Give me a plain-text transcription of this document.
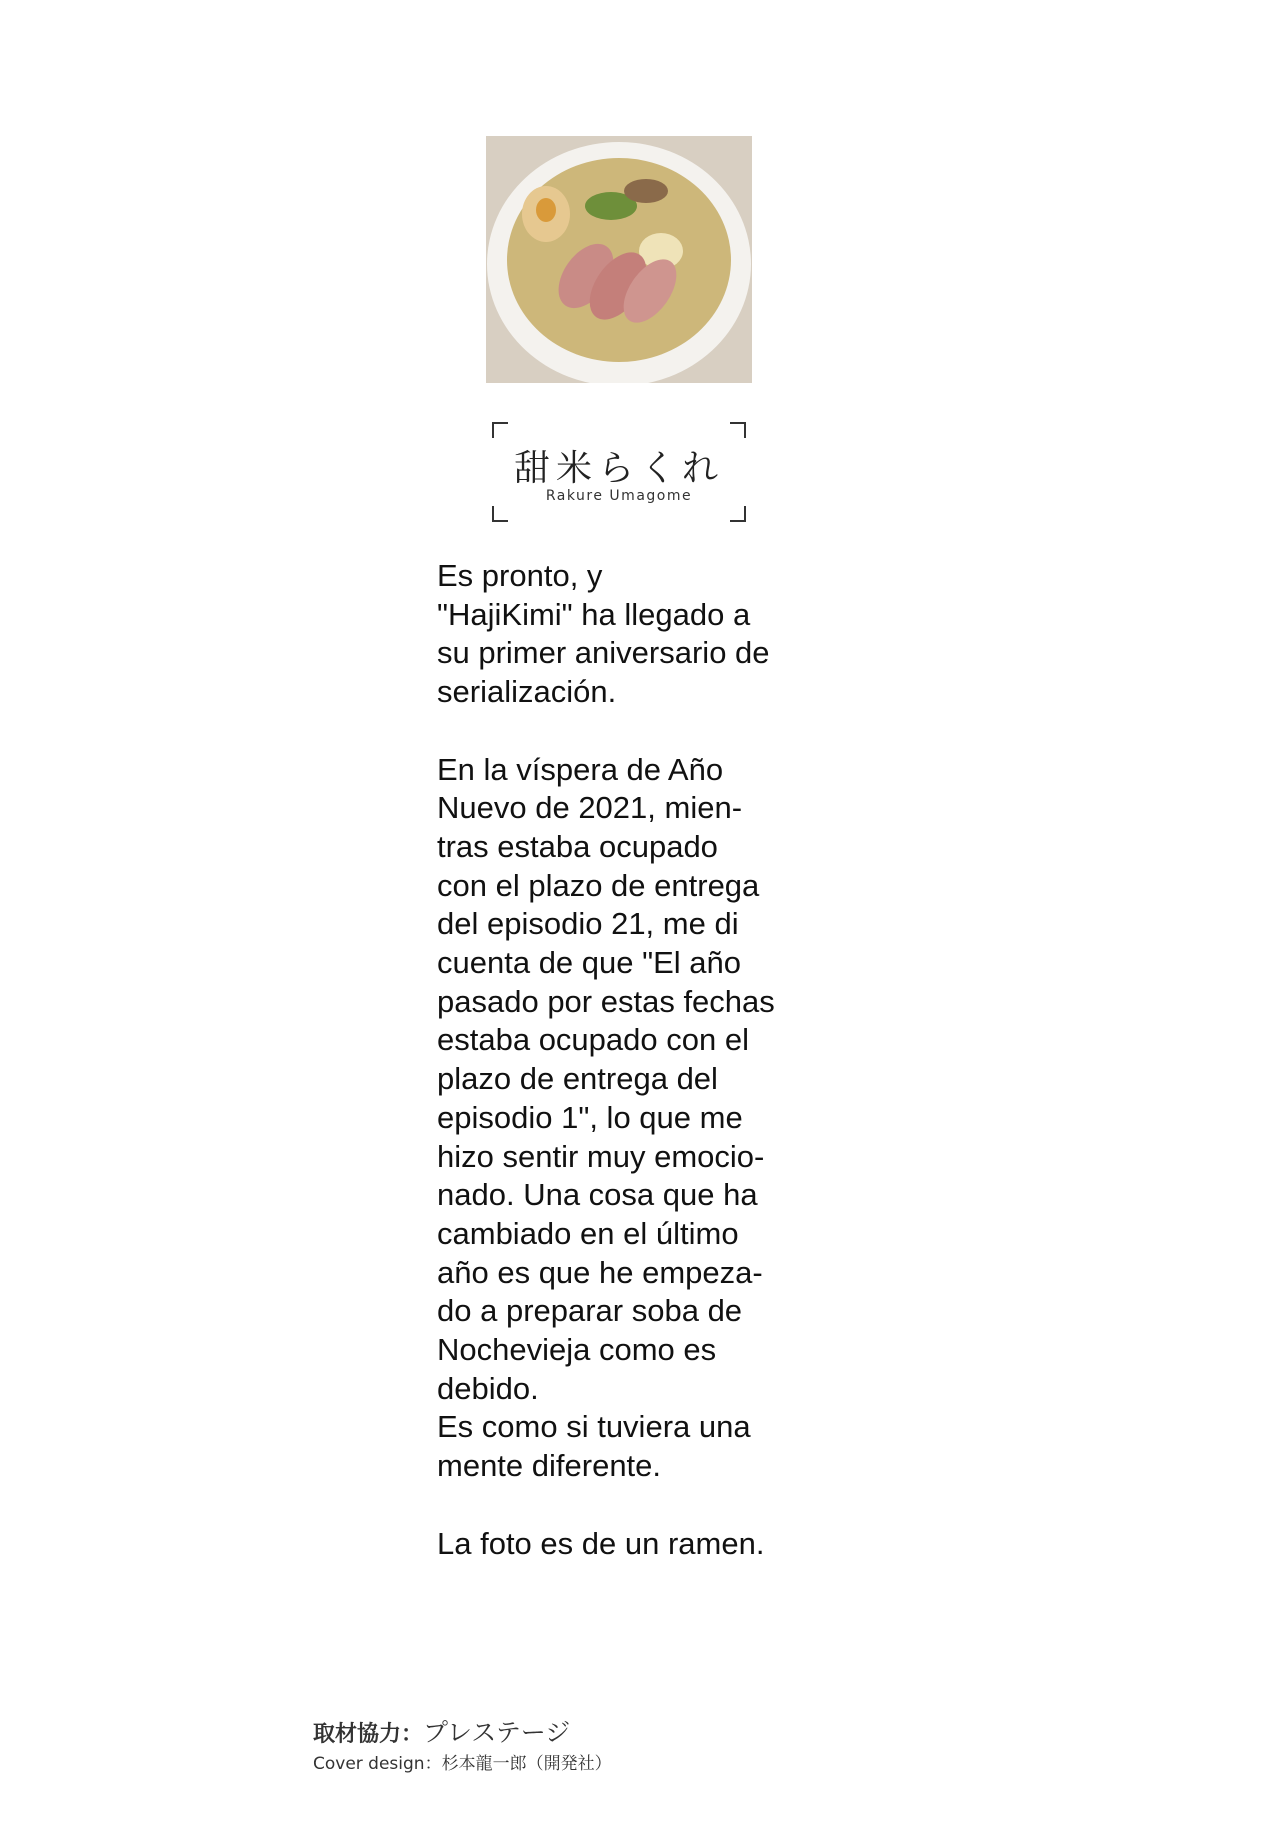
甜米らくれ
Rakure Umagome

Es pronto, y
"HajiKimi" ha llegado a
su primer aniversario de
serialización.

En la víspera de Año
Nuevo de 2021, mien-
tras estaba ocupado
con el plazo de entrega
del episodio 21, me di
cuenta de que "El año
pasado por estas fechas
estaba ocupado con el
plazo de entrega del
episodio 1", lo que me
hizo sentir muy emocio-
nado. Una cosa que ha
cambiado en el último
año es que he empeza-
do a preparar soba de
Nochevieja como es
debido.

Es como si tuviera una
mente diferente.

La foto es de un ramen.

取材協力：プレステージ
Cover design：杉本龍一郎（開発社）
